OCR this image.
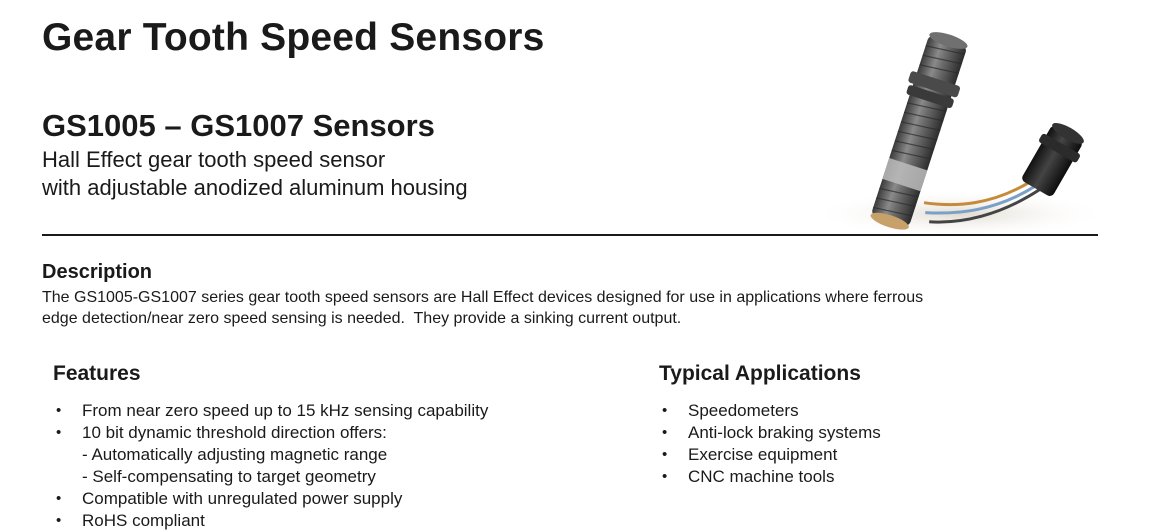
Gear Tooth Speed Sensors
GS1005 – GS1007 Sensors

Hall Effect gear tooth speed sensor
with adjustable anodized aluminum housing

Description

The GS1005-GS1007 series gear tooth speed sensors are Hall Effect devices designed for use in applications where ferrous
edge detection/near zero speed sensing is needed.  They provide a sinking current output.

Features
• From near zero speed up to 15 kHz sensing capability
• 10 bit dynamic threshold direction offers:
- Automatically adjusting magnetic range
- Self-compensating to target geometry
• Compatible with unregulated power supply
• RoHS compliant
Typical Applications
• Speedometers
• Anti-lock braking systems
• Exercise equipment
• CNC machine tools
